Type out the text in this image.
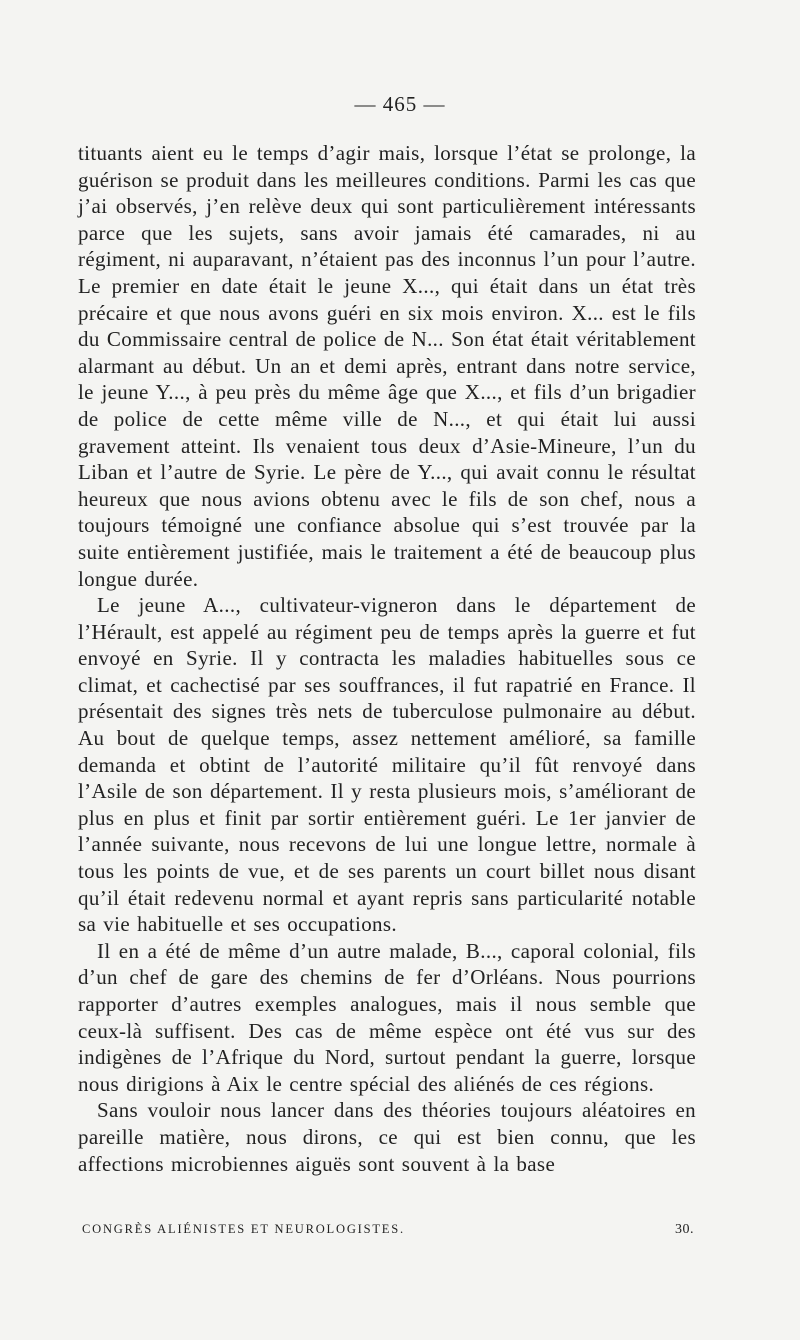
— 465 —

tituants aient eu le temps d’agir mais, lorsque l’état se prolonge, la guérison se produit dans les meilleures conditions. Parmi les cas que j’ai observés, j’en relève deux qui sont particulièrement intéressants parce que les sujets, sans avoir jamais été camarades, ni au régiment, ni auparavant, n’étaient pas des inconnus l’un pour l’autre. Le premier en date était le jeune X..., qui était dans un état très précaire et que nous avons guéri en six mois environ. X... est le fils du Commissaire central de police de N... Son état était véritablement alarmant au début. Un an et demi après, entrant dans notre service, le jeune Y..., à peu près du même âge que X..., et fils d’un brigadier de police de cette même ville de N..., et qui était lui aussi gravement atteint. Ils venaient tous deux d’Asie-Mineure, l’un du Liban et l’autre de Syrie. Le père de Y..., qui avait connu le résultat heureux que nous avions obtenu avec le fils de son chef, nous a toujours témoigné une confiance absolue qui s’est trouvée par la suite entièrement justifiée, mais le traitement a été de beaucoup plus longue durée.

Le jeune A..., cultivateur-vigneron dans le département de l’Hérault, est appelé au régiment peu de temps après la guerre et fut envoyé en Syrie. Il y contracta les maladies habituelles sous ce climat, et cachectisé par ses souffrances, il fut rapatrié en France. Il présentait des signes très nets de tuberculose pulmonaire au début. Au bout de quelque temps, assez nettement amélioré, sa famille demanda et obtint de l’autorité militaire qu’il fût renvoyé dans l’Asile de son département. Il y resta plusieurs mois, s’améliorant de plus en plus et finit par sortir entièrement guéri. Le 1er janvier de l’année suivante, nous recevons de lui une longue lettre, normale à tous les points de vue, et de ses parents un court billet nous disant qu’il était redevenu normal et ayant repris sans particularité notable sa vie habituelle et ses occupations.

Il en a été de même d’un autre malade, B..., caporal colonial, fils d’un chef de gare des chemins de fer d’Orléans. Nous pourrions rapporter d’autres exemples analogues, mais il nous semble que ceux-là suffisent. Des cas de même espèce ont été vus sur des indigènes de l’Afrique du Nord, surtout pendant la guerre, lorsque nous dirigions à Aix le centre spécial des aliénés de ces régions.

Sans vouloir nous lancer dans des théories toujours aléatoires en pareille matière, nous dirons, ce qui est bien connu, que les affections microbiennes aiguës sont souvent à la base

CONGRÈS ALIÉNISTES ET NEUROLOGISTES.	30.
